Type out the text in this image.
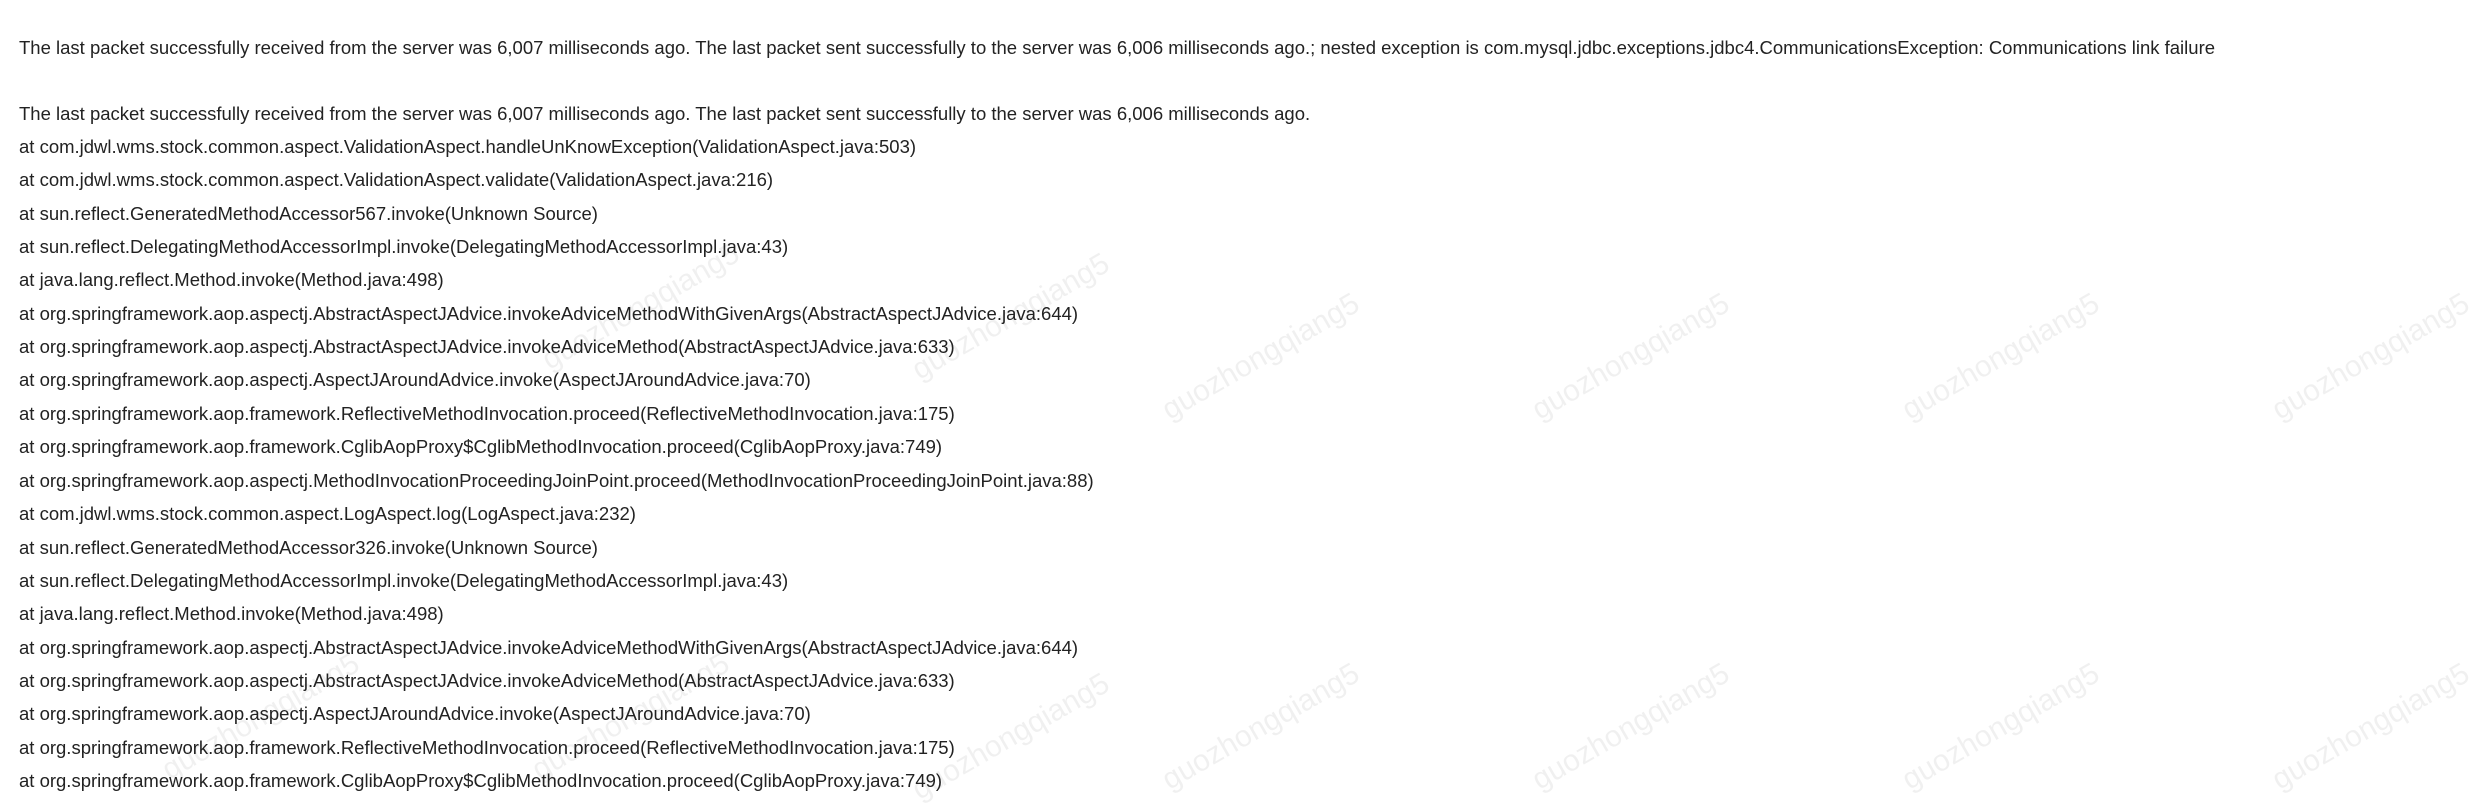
guozhongqiang5	guozhongqiang5	guozhongqiang5	guozhongqiang5
guozhongqiang5	guozhongqiang5	guozhongqiang5	guozhongqiang5
guozhongqiang5	guozhongqiang5	guozhongqiang5
guozhongqiang5	guozhongqiang5
The last packet successfully received from the server was 6,007 milliseconds ago. The last packet sent successfully to the server was 6,006 milliseconds ago.; nested exception is com.mysql.jdbc.exceptions.jdbc4.CommunicationsException: Communications link failure
The last packet successfully received from the server was 6,007 milliseconds ago. The last packet sent successfully to the server was 6,006 milliseconds ago.
at com.jdwl.wms.stock.common.aspect.ValidationAspect.handleUnKnowException(ValidationAspect.java:503)
at com.jdwl.wms.stock.common.aspect.ValidationAspect.validate(ValidationAspect.java:216)
at sun.reflect.GeneratedMethodAccessor567.invoke(Unknown Source)
at sun.reflect.DelegatingMethodAccessorImpl.invoke(DelegatingMethodAccessorImpl.java:43)
at java.lang.reflect.Method.invoke(Method.java:498)
at org.springframework.aop.aspectj.AbstractAspectJAdvice.invokeAdviceMethodWithGivenArgs(AbstractAspectJAdvice.java:644)
at org.springframework.aop.aspectj.AbstractAspectJAdvice.invokeAdviceMethod(AbstractAspectJAdvice.java:633)
at org.springframework.aop.aspectj.AspectJAroundAdvice.invoke(AspectJAroundAdvice.java:70)
at org.springframework.aop.framework.ReflectiveMethodInvocation.proceed(ReflectiveMethodInvocation.java:175)
at org.springframework.aop.framework.CglibAopProxy$CglibMethodInvocation.proceed(CglibAopProxy.java:749)
at org.springframework.aop.aspectj.MethodInvocationProceedingJoinPoint.proceed(MethodInvocationProceedingJoinPoint.java:88)
at com.jdwl.wms.stock.common.aspect.LogAspect.log(LogAspect.java:232)
at sun.reflect.GeneratedMethodAccessor326.invoke(Unknown Source)
at sun.reflect.DelegatingMethodAccessorImpl.invoke(DelegatingMethodAccessorImpl.java:43)
at java.lang.reflect.Method.invoke(Method.java:498)
at org.springframework.aop.aspectj.AbstractAspectJAdvice.invokeAdviceMethodWithGivenArgs(AbstractAspectJAdvice.java:644)
at org.springframework.aop.aspectj.AbstractAspectJAdvice.invokeAdviceMethod(AbstractAspectJAdvice.java:633)
at org.springframework.aop.aspectj.AspectJAroundAdvice.invoke(AspectJAroundAdvice.java:70)
at org.springframework.aop.framework.ReflectiveMethodInvocation.proceed(ReflectiveMethodInvocation.java:175)
at org.springframework.aop.framework.CglibAopProxy$CglibMethodInvocation.proceed(CglibAopProxy.java:749)
